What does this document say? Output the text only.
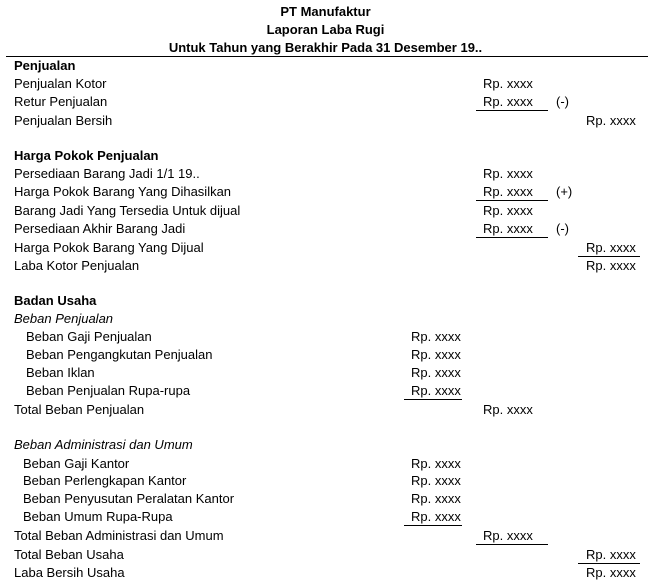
PT Manufaktur
Laporan Laba Rugi
Untuk Tahun yang Berakhir Pada 31 Desember 19..
Penjualan
Penjualan Kotor	Rp. xxxx
Retur Penjualan	Rp. xxxx (-)
Penjualan Bersih	Rp. xxxx
Harga Pokok Penjualan
Persediaan Barang Jadi 1/1 19..	Rp. xxxx
Harga Pokok Barang Yang Dihasilkan	Rp. xxxx (+)
Barang Jadi Yang Tersedia Untuk dijual	Rp. xxxx
Persediaan Akhir Barang Jadi	Rp. xxxx (-)
Harga Pokok Barang Yang Dijual	Rp. xxxx
Laba Kotor Penjualan	Rp. xxxx
Badan Usaha
Beban Penjualan
Beban Gaji Penjualan	Rp. xxxx
Beban Pengangkutan Penjualan	Rp. xxxx
Beban Iklan	Rp. xxxx
Beban Penjualan Rupa-rupa	Rp. xxxx
Total Beban Penjualan	Rp. xxxx
Beban Administrasi dan Umum
Beban Gaji Kantor	Rp. xxxx
Beban Perlengkapan Kantor	Rp. xxxx
Beban Penyusutan Peralatan Kantor	Rp. xxxx
Beban Umum Rupa-Rupa	Rp. xxxx
Total Beban Administrasi dan Umum	Rp. xxxx
Total Beban Usaha	Rp. xxxx
Laba Bersih Usaha	Rp. xxxx
